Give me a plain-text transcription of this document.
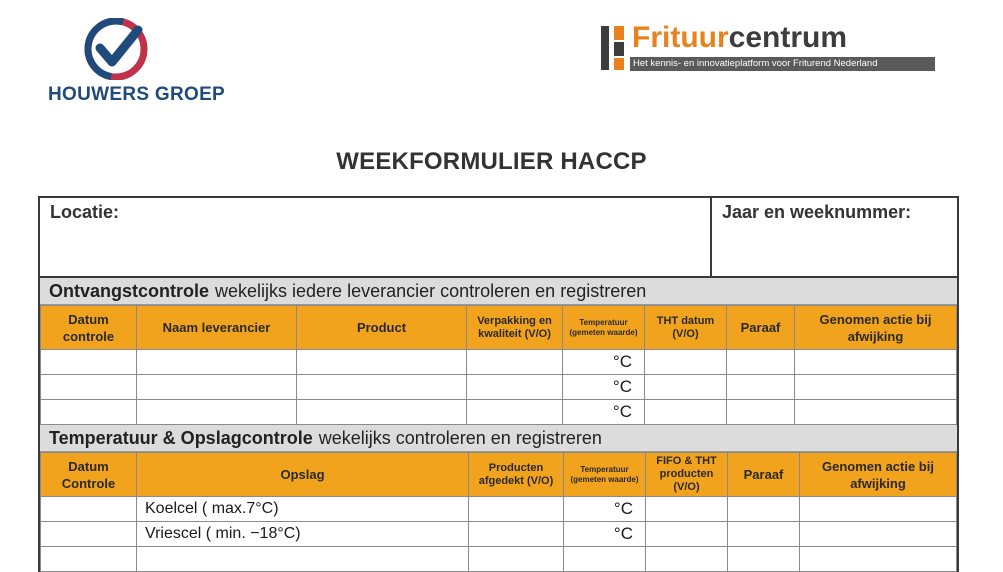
HOUWERS GROEP
Frituurcentrum
Het kennis- en innovatieplatform voor Friturend Nederland
WEEKFORMULIER HACCP
Locatie:	Jaar en weeknummer:
Ontvangstcontrole wekelijks iedere leverancier controleren en registreren
Datum controle	Naam leverancier	Product	Verpakking en kwaliteit (V/O)	Temperatuur (gemeten waarde)	THT datum (V/O)	Paraaf	Genomen actie bij afwijking
				°C			
				°C			
				°C			
Temperatuur & Opslagcontrole wekelijks controleren en registreren
Datum Controle	Opslag	Producten afgedekt (V/O)	Temperatuur (gemeten waarde)	FIFO & THT producten (V/O)	Paraaf	Genomen actie bij afwijking
	Koelcel ( max.7°C)		°C			
	Vriescel ( min. −18°C)		°C			
